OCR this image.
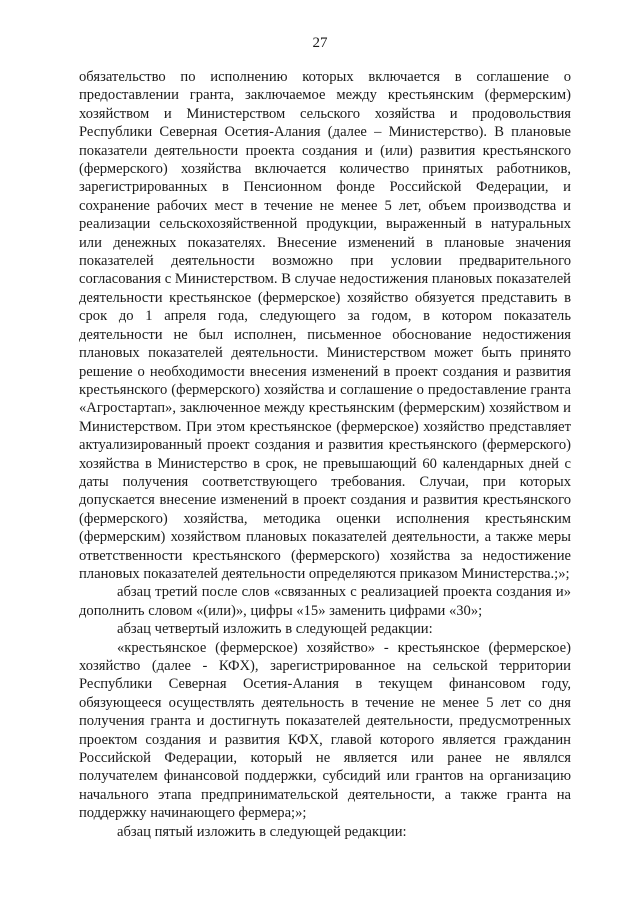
27

обязательство по исполнению которых включается в соглашение о предоставлении гранта, заключаемое между крестьянским (фермерским) хозяйством и Министерством сельского хозяйства и продовольствия Республики Северная Осетия-Алания (далее – Министерство). В плановые показатели деятельности проекта создания и (или) развития крестьянского (фермерского) хозяйства включается количество принятых работников, зарегистрированных в Пенсионном фонде Российской Федерации, и сохранение рабочих мест в течение не менее 5 лет, объем производства и реализации сельскохозяйственной продукции, выраженный в натуральных или денежных показателях. Внесение изменений в плановые значения показателей деятельности возможно при условии предварительного согласования с Министерством. В случае недостижения плановых показателей деятельности крестьянское (фермерское) хозяйство обязуется представить в срок до 1 апреля года, следующего за годом, в котором показатель деятельности не был исполнен, письменное обоснование недостижения плановых показателей деятельности. Министерством может быть принято решение о необходимости внесения изменений в проект создания и развития крестьянского (фермерского) хозяйства и соглашение о предоставление гранта «Агростартап», заключенное между крестьянским (фермерским) хозяйством и Министерством. При этом крестьянское (фермерское) хозяйство представляет актуализированный проект создания и развития крестьянского (фермерского) хозяйства в Министерство в срок, не превышающий 60 календарных дней с даты получения соответствующего требования. Случаи, при которых допускается внесение изменений в проект создания и развития крестьянского (фермерского) хозяйства, методика оценки исполнения крестьянским (фермерским) хозяйством плановых показателей деятельности, а также меры ответственности крестьянского (фермерского) хозяйства за недостижение плановых показателей деятельности определяются приказом Министерства.;»;

абзац третий после слов «связанных с реализацией проекта создания и» дополнить словом «(или)», цифры «15» заменить цифрами «30»;

абзац четвертый изложить в следующей редакции:

«крестьянское (фермерское) хозяйство» - крестьянское (фермерское) хозяйство (далее - КФХ), зарегистрированное на сельской территории Республики Северная Осетия-Алания в текущем финансовом году, обязующееся осуществлять деятельность в течение не менее 5 лет со дня получения гранта и достигнуть показателей деятельности, предусмотренных проектом создания и развития КФХ, главой которого является гражданин Российской Федерации, который не является или ранее не являлся получателем финансовой поддержки, субсидий или грантов на организацию начального этапа предпринимательской деятельности, а также гранта на поддержку начинающего фермера;»;

абзац пятый изложить в следующей редакции:
